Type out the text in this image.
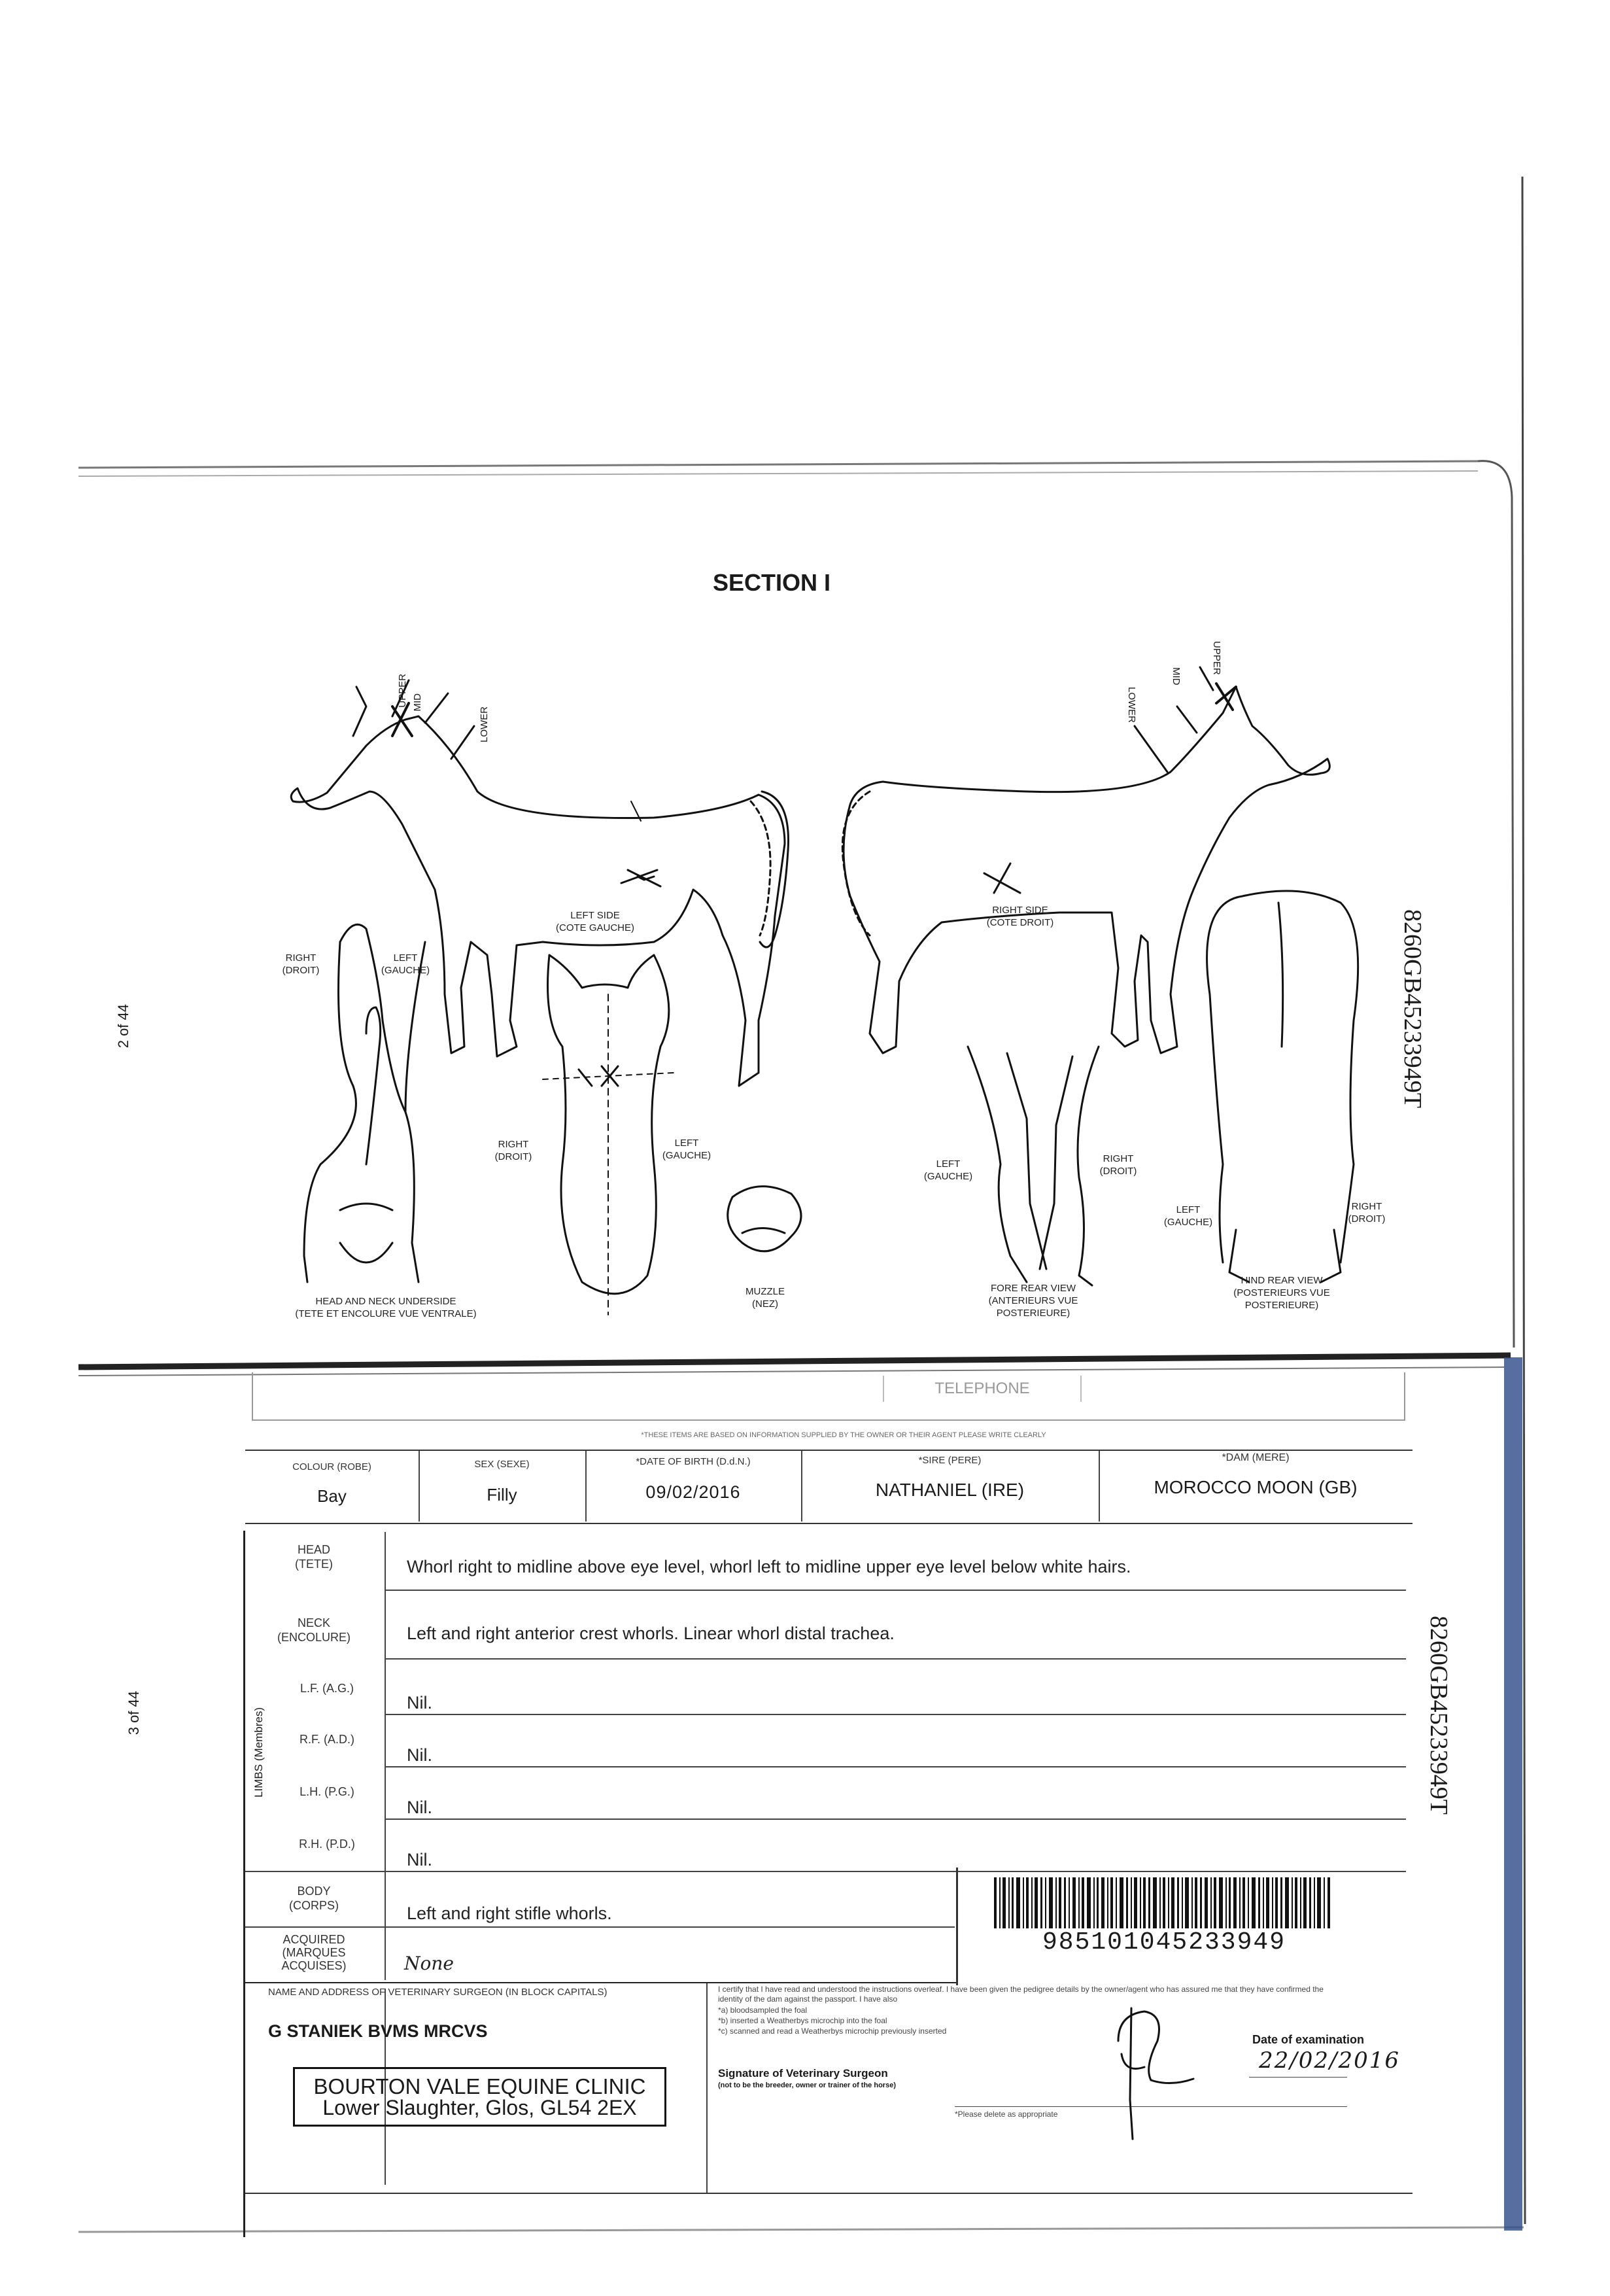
SECTION I
2 of 44	8260GB45233949T
UPPER MID
LOWER
UPPER
MID
LOWER
LEFT SIDE
(COTE GAUCHE)
RIGHT SIDE
(COTE DROIT)
RIGHT
(DROIT)
LEFT
(GAUCHE)
RIGHT
(DROIT)
LEFT
(GAUCHE)
LEFT
(GAUCHE)
RIGHT
(DROIT)
LEFT
(GAUCHE)
RIGHT
(DROIT)
HEAD AND NECK UNDERSIDE
(TETE ET ENCOLURE VUE VENTRALE)
MUZZLE
(NEZ)
FORE REAR VIEW
(ANTERIEURS VUE
POSTERIEURE)
HIND REAR VIEW
(POSTERIEURS VUE
POSTERIEURE)
3 of 44	8260GB45233949T
TELEPHONE
*THESE ITEMS ARE BASED ON INFORMATION SUPPLIED BY THE OWNER OR THEIR AGENT PLEASE WRITE CLEARLY
COLOUR (ROBE)
Bay
SEX (SEXE)
Filly
*DATE OF BIRTH (D.d.N.)
09/02/2016
*SIRE (PERE)
NATHANIEL (IRE)
*DAM (MERE)
MOROCCO MOON (GB)
HEAD
(TETE)	Whorl right to midline above eye level, whorl left to midline upper eye level below white hairs.
NECK
(ENCOLURE)	Left and right anterior crest whorls. Linear whorl distal trachea.
LIMBS (Membres)
L.F. (A.G.)
Nil.
R.F. (A.D.)
Nil.
L.H. (P.G.)
Nil.
R.H. (P.D.)
Nil.
BODY
(CORPS)	Left and right stifle whorls.
ACQUIRED
(MARQUES
ACQUISES)	None
985101045233949
NAME AND ADDRESS OF VETERINARY SURGEON (IN BLOCK CAPITALS)
G STANIEK BVMS MRCVS
BOURTON VALE EQUINE CLINIC
Lower Slaughter, Glos, GL54 2EX
I certify that I have read and understood the instructions overleaf. I have been given the pedigree details by the owner/agent who has assured me that they have confirmed the identity of the dam against the passport. I have also
*a) bloodsampled the foal
*b) inserted a Weatherbys microchip into the foal
*c) scanned and read a Weatherbys microchip previously inserted
Signature of Veterinary Surgeon
(not to be the breeder, owner or trainer of the horse)
*Please delete as appropriate
Date of examination
22/02/2016
